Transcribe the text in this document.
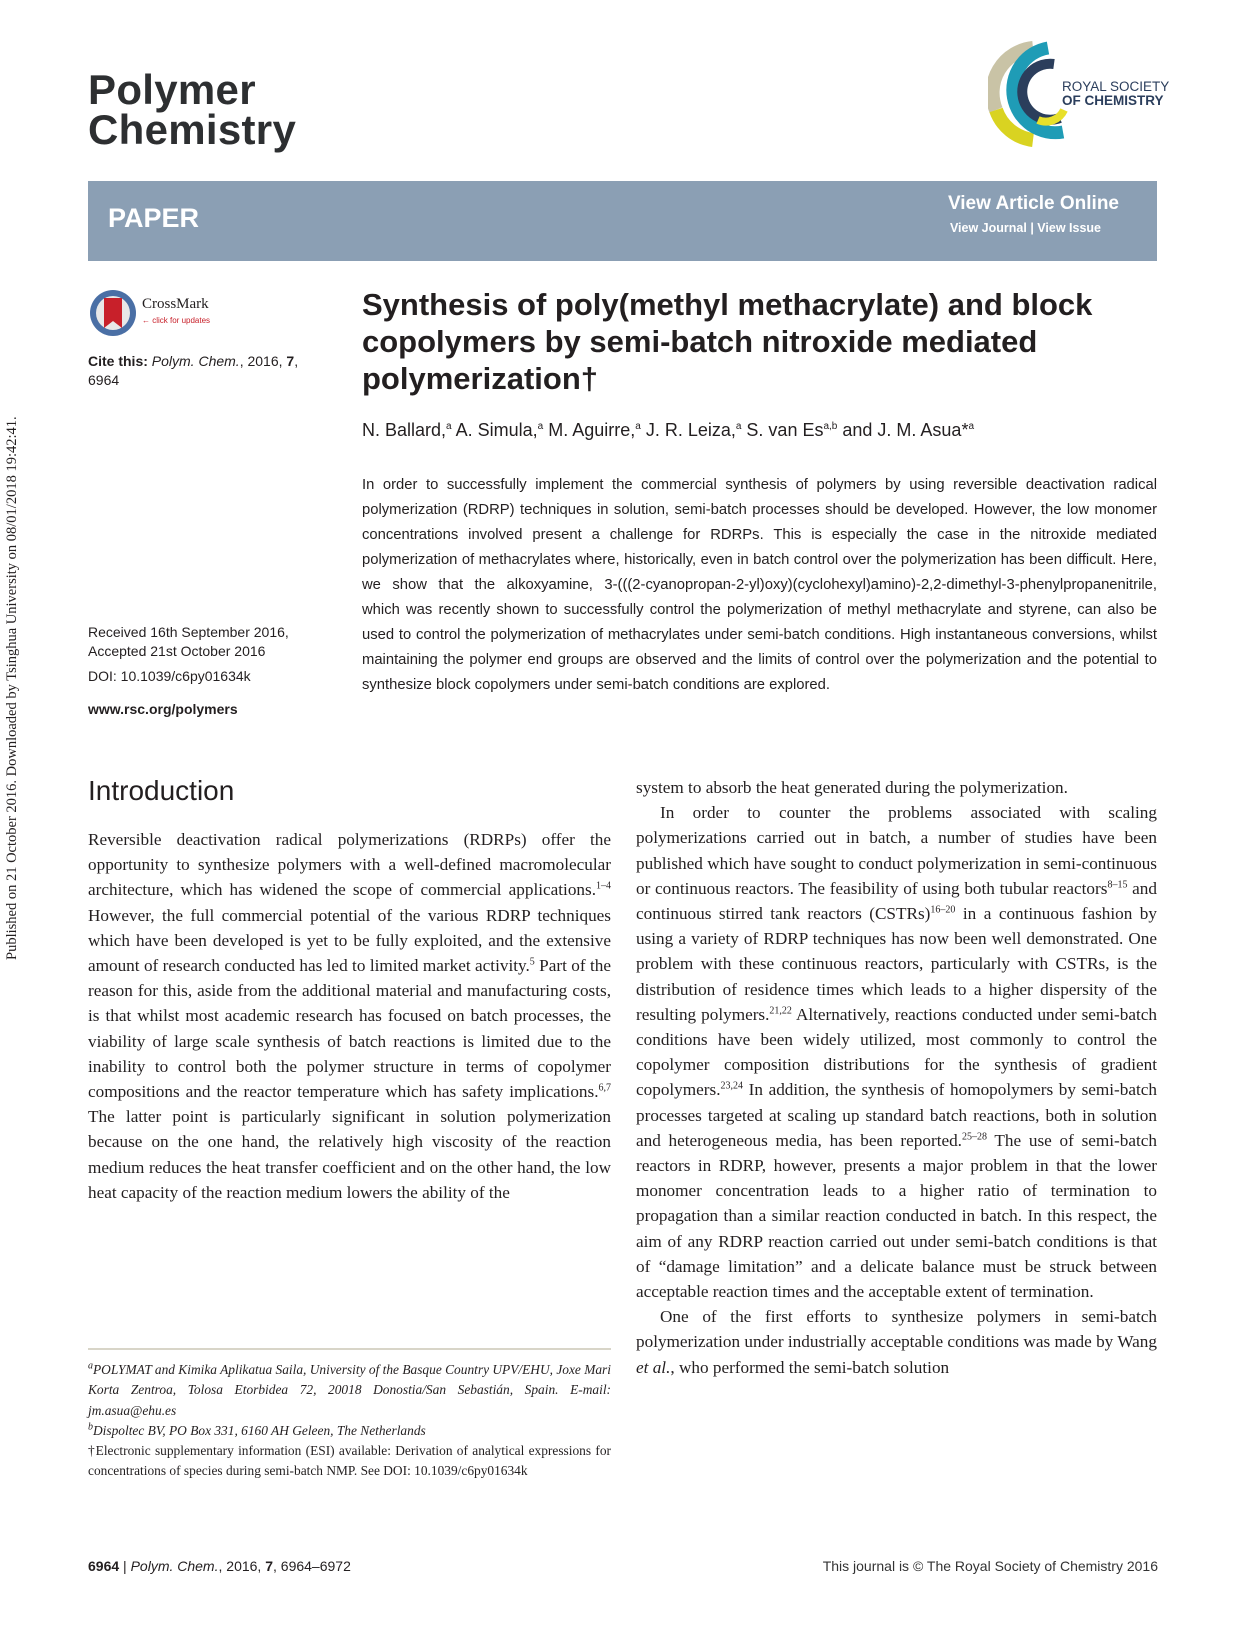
Published on 21 October 2016. Downloaded by Tsinghua University on 08/01/2018 19:42:41.
Polymer
Chemistry
ROYAL SOCIETY
OF CHEMISTRY
PAPER	View Article Online
View Journal | View Issue
CrossMark
← click for updates
Cite this: Polym. Chem., 2016, 7,
6964
Received 16th September 2016,
Accepted 21st October 2016
DOI: 10.1039/c6py01634k
www.rsc.org/polymers
Synthesis of poly(methyl methacrylate) and block copolymers by semi-batch nitroxide mediated polymerization†
N. Ballard,$^a$ A. Simula,$^a$ M. Aguirre,$^a$ J. R. Leiza,$^a$ S. van Es$^{a,b}$ and J. M. Asua*$^a$
In order to successfully implement the commercial synthesis of polymers by using reversible deactivation radical polymerization (RDRP) techniques in solution, semi-batch processes should be developed. However, the low monomer concentrations involved present a challenge for RDRPs. This is especially the case in the nitroxide mediated polymerization of methacrylates where, historically, even in batch control over the polymerization has been difficult. Here, we show that the alkoxyamine, 3-(((2-cyanopropan-2-yl)oxy)(cyclohexyl)amino)-2,2-dimethyl-3-phenylpropanenitrile, which was recently shown to successfully control the polymerization of methyl methacrylate and styrene, can also be used to control the polymerization of methacrylates under semi-batch conditions. High instantaneous conversions, whilst maintaining the polymer end groups are observed and the limits of control over the polymerization and the potential to synthesize block copolymers under semi-batch conditions are explored.
Introduction

Reversible deactivation radical polymerizations (RDRPs) offer the opportunity to synthesize polymers with a well-defined macromolecular architecture, which has widened the scope of commercial applications.$^{1-4}$ However, the full commercial potential of the various RDRP techniques which have been developed is yet to be fully exploited, and the extensive amount of research conducted has led to limited market activity.$^5$ Part of the reason for this, aside from the additional material and manufacturing costs, is that whilst most academic research has focused on batch processes, the viability of large scale synthesis of batch reactions is limited due to the inability to control both the polymer structure in terms of copolymer compositions and the reactor temperature which has safety implications.$^{6,7}$ The latter point is particularly significant in solution polymerization because on the one hand, the relatively high viscosity of the reaction medium reduces the heat transfer coefficient and on the other hand, the low heat capacity of the reaction medium lowers the ability of the

system to absorb the heat generated during the polymerization.

In order to counter the problems associated with scaling polymerizations carried out in batch, a number of studies have been published which have sought to conduct polymerization in semi-continuous or continuous reactors. The feasibility of using both tubular reactors$^{8-15}$ and continuous stirred tank reactors (CSTRs)$^{16-20}$ in a continuous fashion by using a variety of RDRP techniques has now been well demonstrated. One problem with these continuous reactors, particularly with CSTRs, is the distribution of residence times which leads to a higher dispersity of the resulting polymers.$^{21,22}$ Alternatively, reactions conducted under semi-batch conditions have been widely utilized, most commonly to control the copolymer composition distributions for the synthesis of gradient copolymers.$^{23,24}$ In addition, the synthesis of homopolymers by semi-batch processes targeted at scaling up standard batch reactions, both in solution and heterogeneous media, has been reported.$^{25-28}$ The use of semi-batch reactors in RDRP, however, presents a major problem in that the lower monomer concentration leads to a higher ratio of termination to propagation than a similar reaction conducted in batch. In this respect, the aim of any RDRP reaction carried out under semi-batch conditions is that of “damage limitation” and a delicate balance must be struck between acceptable reaction times and the acceptable extent of termination.

One of the first efforts to synthesize polymers in semi-batch polymerization under industrially acceptable conditions was made by Wang et al., who performed the semi-batch solution

$^a$POLYMAT and Kimika Aplikatua Saila, University of the Basque Country UPV/EHU, Joxe Mari Korta Zentroa, Tolosa Etorbidea 72, 20018 Donostia/San Sebastián, Spain. E-mail: jm.asua@ehu.es

$^b$Dispoltec BV, PO Box 331, 6160 AH Geleen, The Netherlands

†Electronic supplementary information (ESI) available: Derivation of analytical expressions for concentrations of species during semi-batch NMP. See DOI: 10.1039/c6py01634k

6964 | Polym. Chem., 2016, 7, 6964–6972	This journal is © The Royal Society of Chemistry 2016
